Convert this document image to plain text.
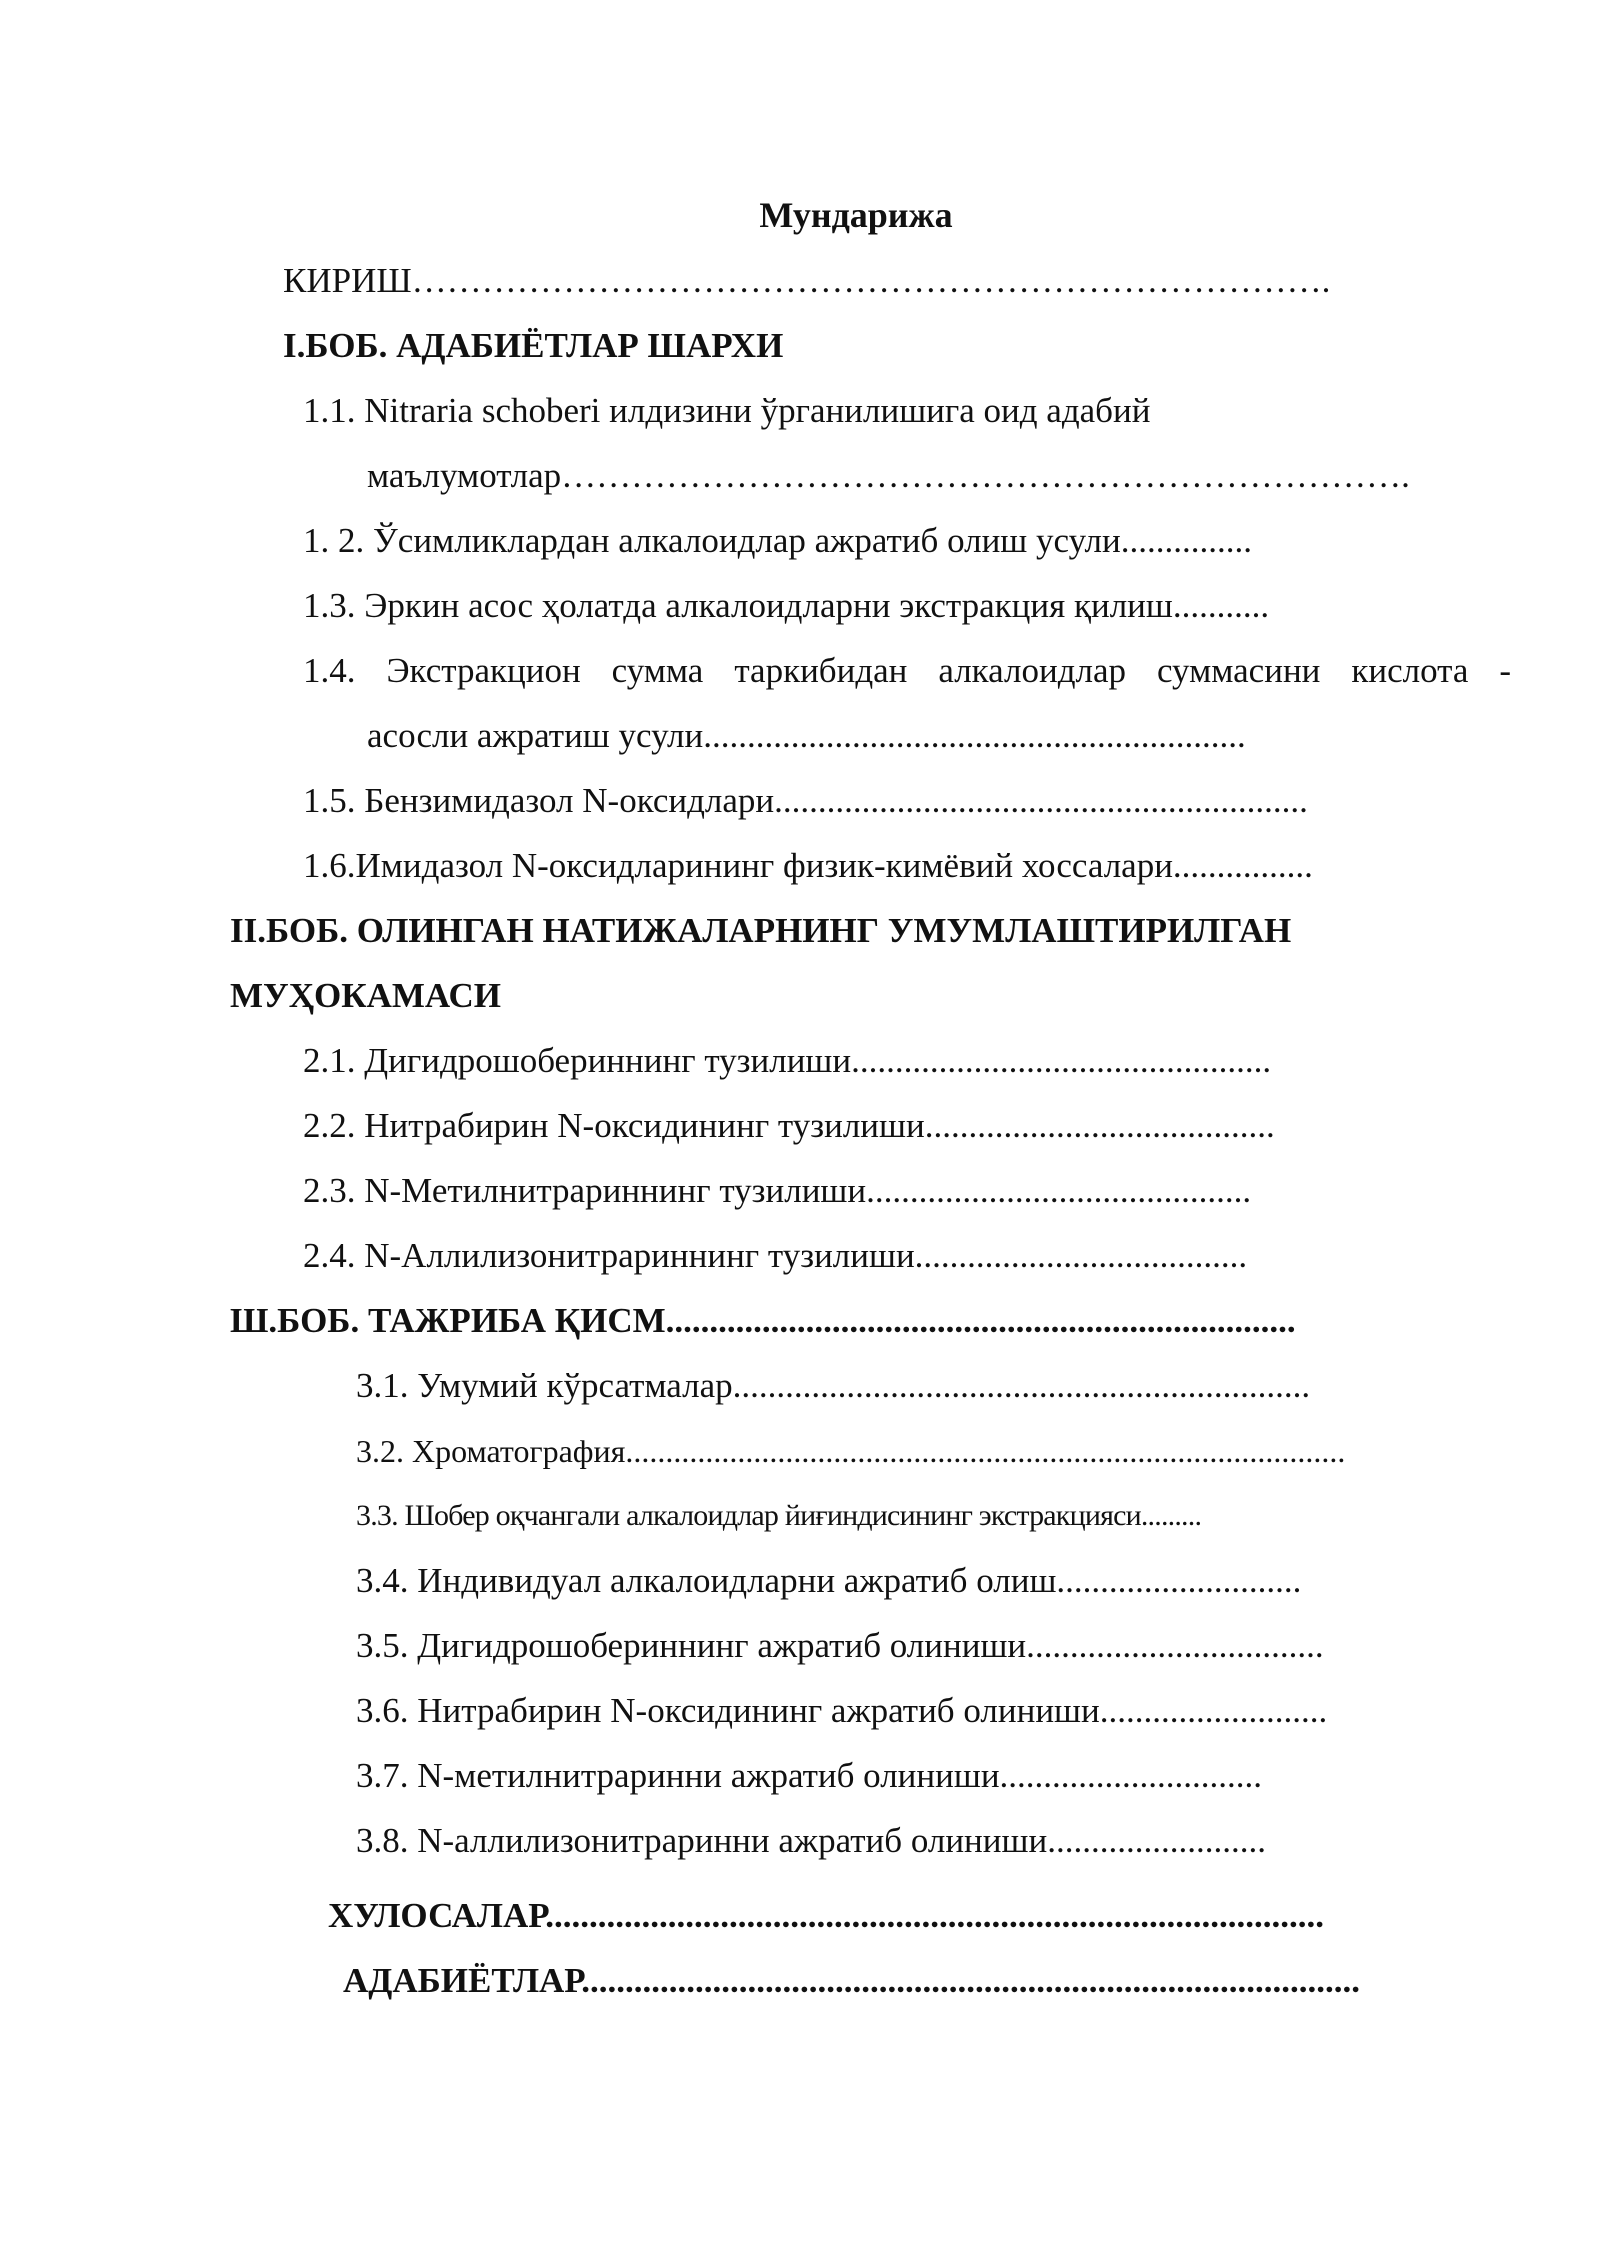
Мундарижа
КИРИШ…………………………………………………………………….
I.БОБ. АДАБИЁТЛАР ШАРХИ
1.1. Nitraria schoberi илдизини ўрганилишига оид адабий
маълумотлар……………………………………………………………….
1. 2. Ўсимликлардан алкалоидлар ажратиб олиш усули...............
1.3. Эркин асос ҳолатда алкалоидларни экстракция қилиш...........
1.4. Экстракцион сумма таркибидан алкалоидлар суммасини кислота -
асосли ажратиш усули..............................................................
1.5. Бензимидазол N-оксидлари.............................................................
1.6.Имидазол N-оксидларининг физик-кимёвий хоссалари................
II.БОБ. ОЛИНГАН НАТИЖАЛАРНИНГ УМУМЛАШТИРИЛГАН
МУҲОКАМАСИ
2.1. Дигидрошобериннинг тузилиши................................................
2.2. Нитрабирин N-оксидининг тузилиши........................................
2.3. N-Метилнитрариннинг тузилиши............................................
2.4. N-Аллилизонитрариннинг тузилиши......................................
Ш.БОБ. ТАЖРИБА ҚИСМ........................................................................
3.1. Умумий кўрсатмалар..................................................................
3.2. Хроматография..........................................................................................
3.3. Шобер оқчангали алкалоидлар йиғиндисининг экстракцияси.........
3.4. Индивидуал алкалоидларни ажратиб олиш............................
3.5. Дигидрошобериннинг ажратиб олиниши..................................
3.6. Нитрабирин N-оксидининг ажратиб олиниши..........................
3.7. N-метилнитраринни ажратиб олиниши..............................
3.8. N-аллилизонитраринни ажратиб олиниши.........................
ХУЛОСАЛАР.........................................................................................
АДАБИЁТЛАР.........................................................................................
